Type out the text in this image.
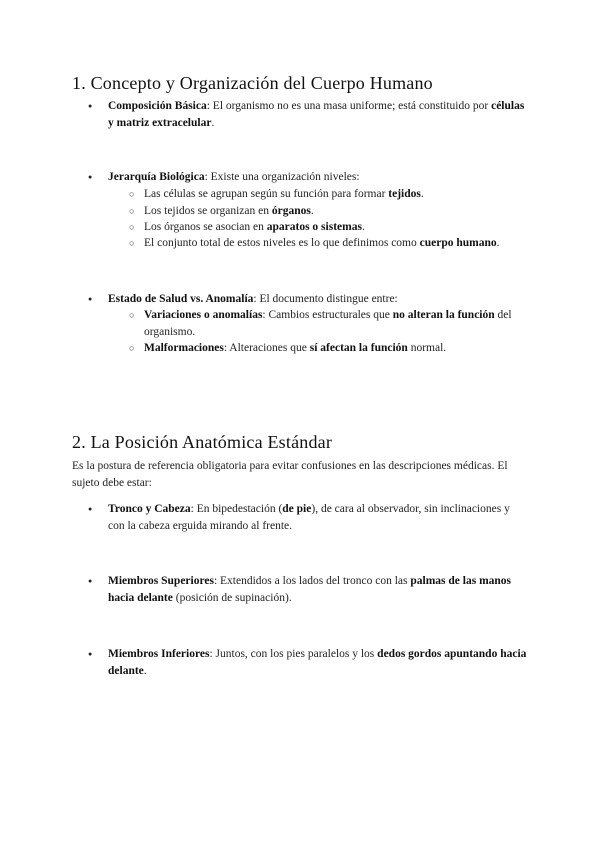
1. Concepto y Organización del Cuerpo Humano
● Composición Básica: El organismo no es una masa uniforme; está constituido por células y matriz extracelular.
● Jerarquía Biológica: Existe una organización niveles:
○ Las células se agrupan según su función para formar tejidos.
○ Los tejidos se organizan en órganos.
○ Los órganos se asocian en aparatos o sistemas.
○ El conjunto total de estos niveles es lo que definimos como cuerpo humano.
● Estado de Salud vs. Anomalía: El documento distingue entre:
○ Variaciones o anomalías: Cambios estructurales que no alteran la función del organismo.
○ Malformaciones: Alteraciones que sí afectan la función normal.
2. La Posición Anatómica Estándar
Es la postura de referencia obligatoria para evitar confusiones en las descripciones médicas. El sujeto debe estar:
● Tronco y Cabeza: En bipedestación (de pie), de cara al observador, sin inclinaciones y con la cabeza erguida mirando al frente.
● Miembros Superiores: Extendidos a los lados del tronco con las palmas de las manos hacia delante (posición de supinación).
● Miembros Inferiores: Juntos, con los pies paralelos y los dedos gordos apuntando hacia delante.
